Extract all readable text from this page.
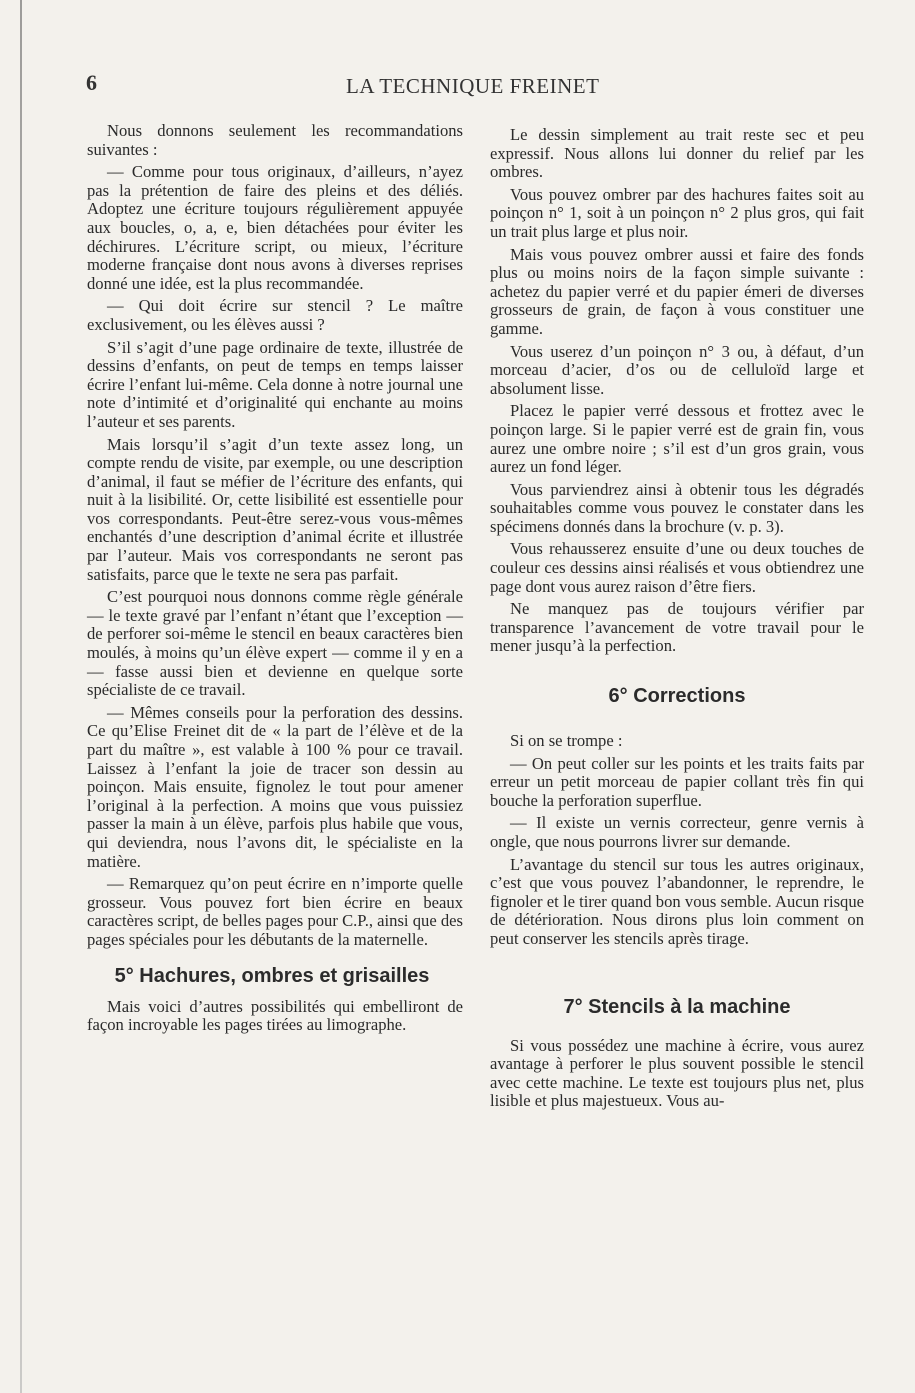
6	LA TECHNIQUE FREINET

Nous donnons seulement les recommandations suivantes :

— Comme pour tous originaux, d’ailleurs, n’ayez pas la prétention de faire des pleins et des déliés. Adoptez une écriture toujours régulièrement appuyée aux boucles, o, a, e, bien détachées pour éviter les déchirures. L’écriture script, ou mieux, l’écriture moderne française dont nous avons à diverses reprises donné une idée, est la plus recommandée.

— Qui doit écrire sur stencil ? Le maître exclusivement, ou les élèves aussi ?

S’il s’agit d’une page ordinaire de texte, illustrée de dessins d’enfants, on peut de temps en temps laisser écrire l’enfant lui-même. Cela donne à notre journal une note d’intimité et d’originalité qui enchante au moins l’auteur et ses parents.

Mais lorsqu’il s’agit d’un texte assez long, un compte rendu de visite, par exemple, ou une description d’animal, il faut se méfier de l’écriture des enfants, qui nuit à la lisibilité. Or, cette lisibilité est essentielle pour vos correspondants. Peut-être serez-vous vous-mêmes enchantés d’une description d’animal écrite et illustrée par l’auteur. Mais vos correspondants ne seront pas satisfaits, parce que le texte ne sera pas parfait.

C’est pourquoi nous donnons comme règle générale — le texte gravé par l’enfant n’étant que l’exception — de perforer soi-même le stencil en beaux caractères bien moulés, à moins qu’un élève expert — comme il y en a — fasse aussi bien et devienne en quelque sorte spécialiste de ce travail.

— Mêmes conseils pour la perforation des dessins. Ce qu’Elise Freinet dit de « la part de l’élève et de la part du maître », est valable à 100 % pour ce travail. Laissez à l’enfant la joie de tracer son dessin au poinçon. Mais ensuite, fignolez le tout pour amener l’original à la perfection. A moins que vous puissiez passer la main à un élève, parfois plus habile que vous, qui deviendra, nous l’avons dit, le spécialiste en la matière.

— Remarquez qu’on peut écrire en n’importe quelle grosseur. Vous pouvez fort bien écrire en beaux caractères script, de belles pages pour C.P., ainsi que des pages spéciales pour les débutants de la maternelle.

5° Hachures, ombres et grisailles

Mais voici d’autres possibilités qui embelliront de façon incroyable les pages tirées au limographe.

Le dessin simplement au trait reste sec et peu expressif. Nous allons lui donner du relief par les ombres.

Vous pouvez ombrer par des hachures faites soit au poinçon n° 1, soit à un poinçon n° 2 plus gros, qui fait un trait plus large et plus noir.

Mais vous pouvez ombrer aussi et faire des fonds plus ou moins noirs de la façon simple suivante : achetez du papier verré et du papier émeri de diverses grosseurs de grain, de façon à vous constituer une gamme.

Vous userez d’un poinçon n° 3 ou, à défaut, d’un morceau d’acier, d’os ou de celluloïd large et absolument lisse.

Placez le papier verré dessous et frottez avec le poinçon large. Si le papier verré est de grain fin, vous aurez une ombre noire ; s’il est d’un gros grain, vous aurez un fond léger.

Vous parviendrez ainsi à obtenir tous les dégradés souhaitables comme vous pouvez le constater dans les spécimens donnés dans la brochure (v. p. 3).

Vous rehausserez ensuite d’une ou deux touches de couleur ces dessins ainsi réalisés et vous obtiendrez une page dont vous aurez raison d’être fiers.

Ne manquez pas de toujours vérifier par transparence l’avancement de votre travail pour le mener jusqu’à la perfection.

6° Corrections

Si on se trompe :

— On peut coller sur les points et les traits faits par erreur un petit morceau de papier collant très fin qui bouche la perforation superflue.

— Il existe un vernis correcteur, genre vernis à ongle, que nous pourrons livrer sur demande.

L’avantage du stencil sur tous les autres originaux, c’est que vous pouvez l’abandonner, le reprendre, le fignoler et le tirer quand bon vous semble. Aucun risque de détérioration. Nous dirons plus loin comment on peut conserver les stencils après tirage.

7° Stencils à la machine

Si vous possédez une machine à écrire, vous aurez avantage à perforer le plus souvent possible le stencil avec cette machine. Le texte est toujours plus net, plus lisible et plus majestueux. Vous au-
